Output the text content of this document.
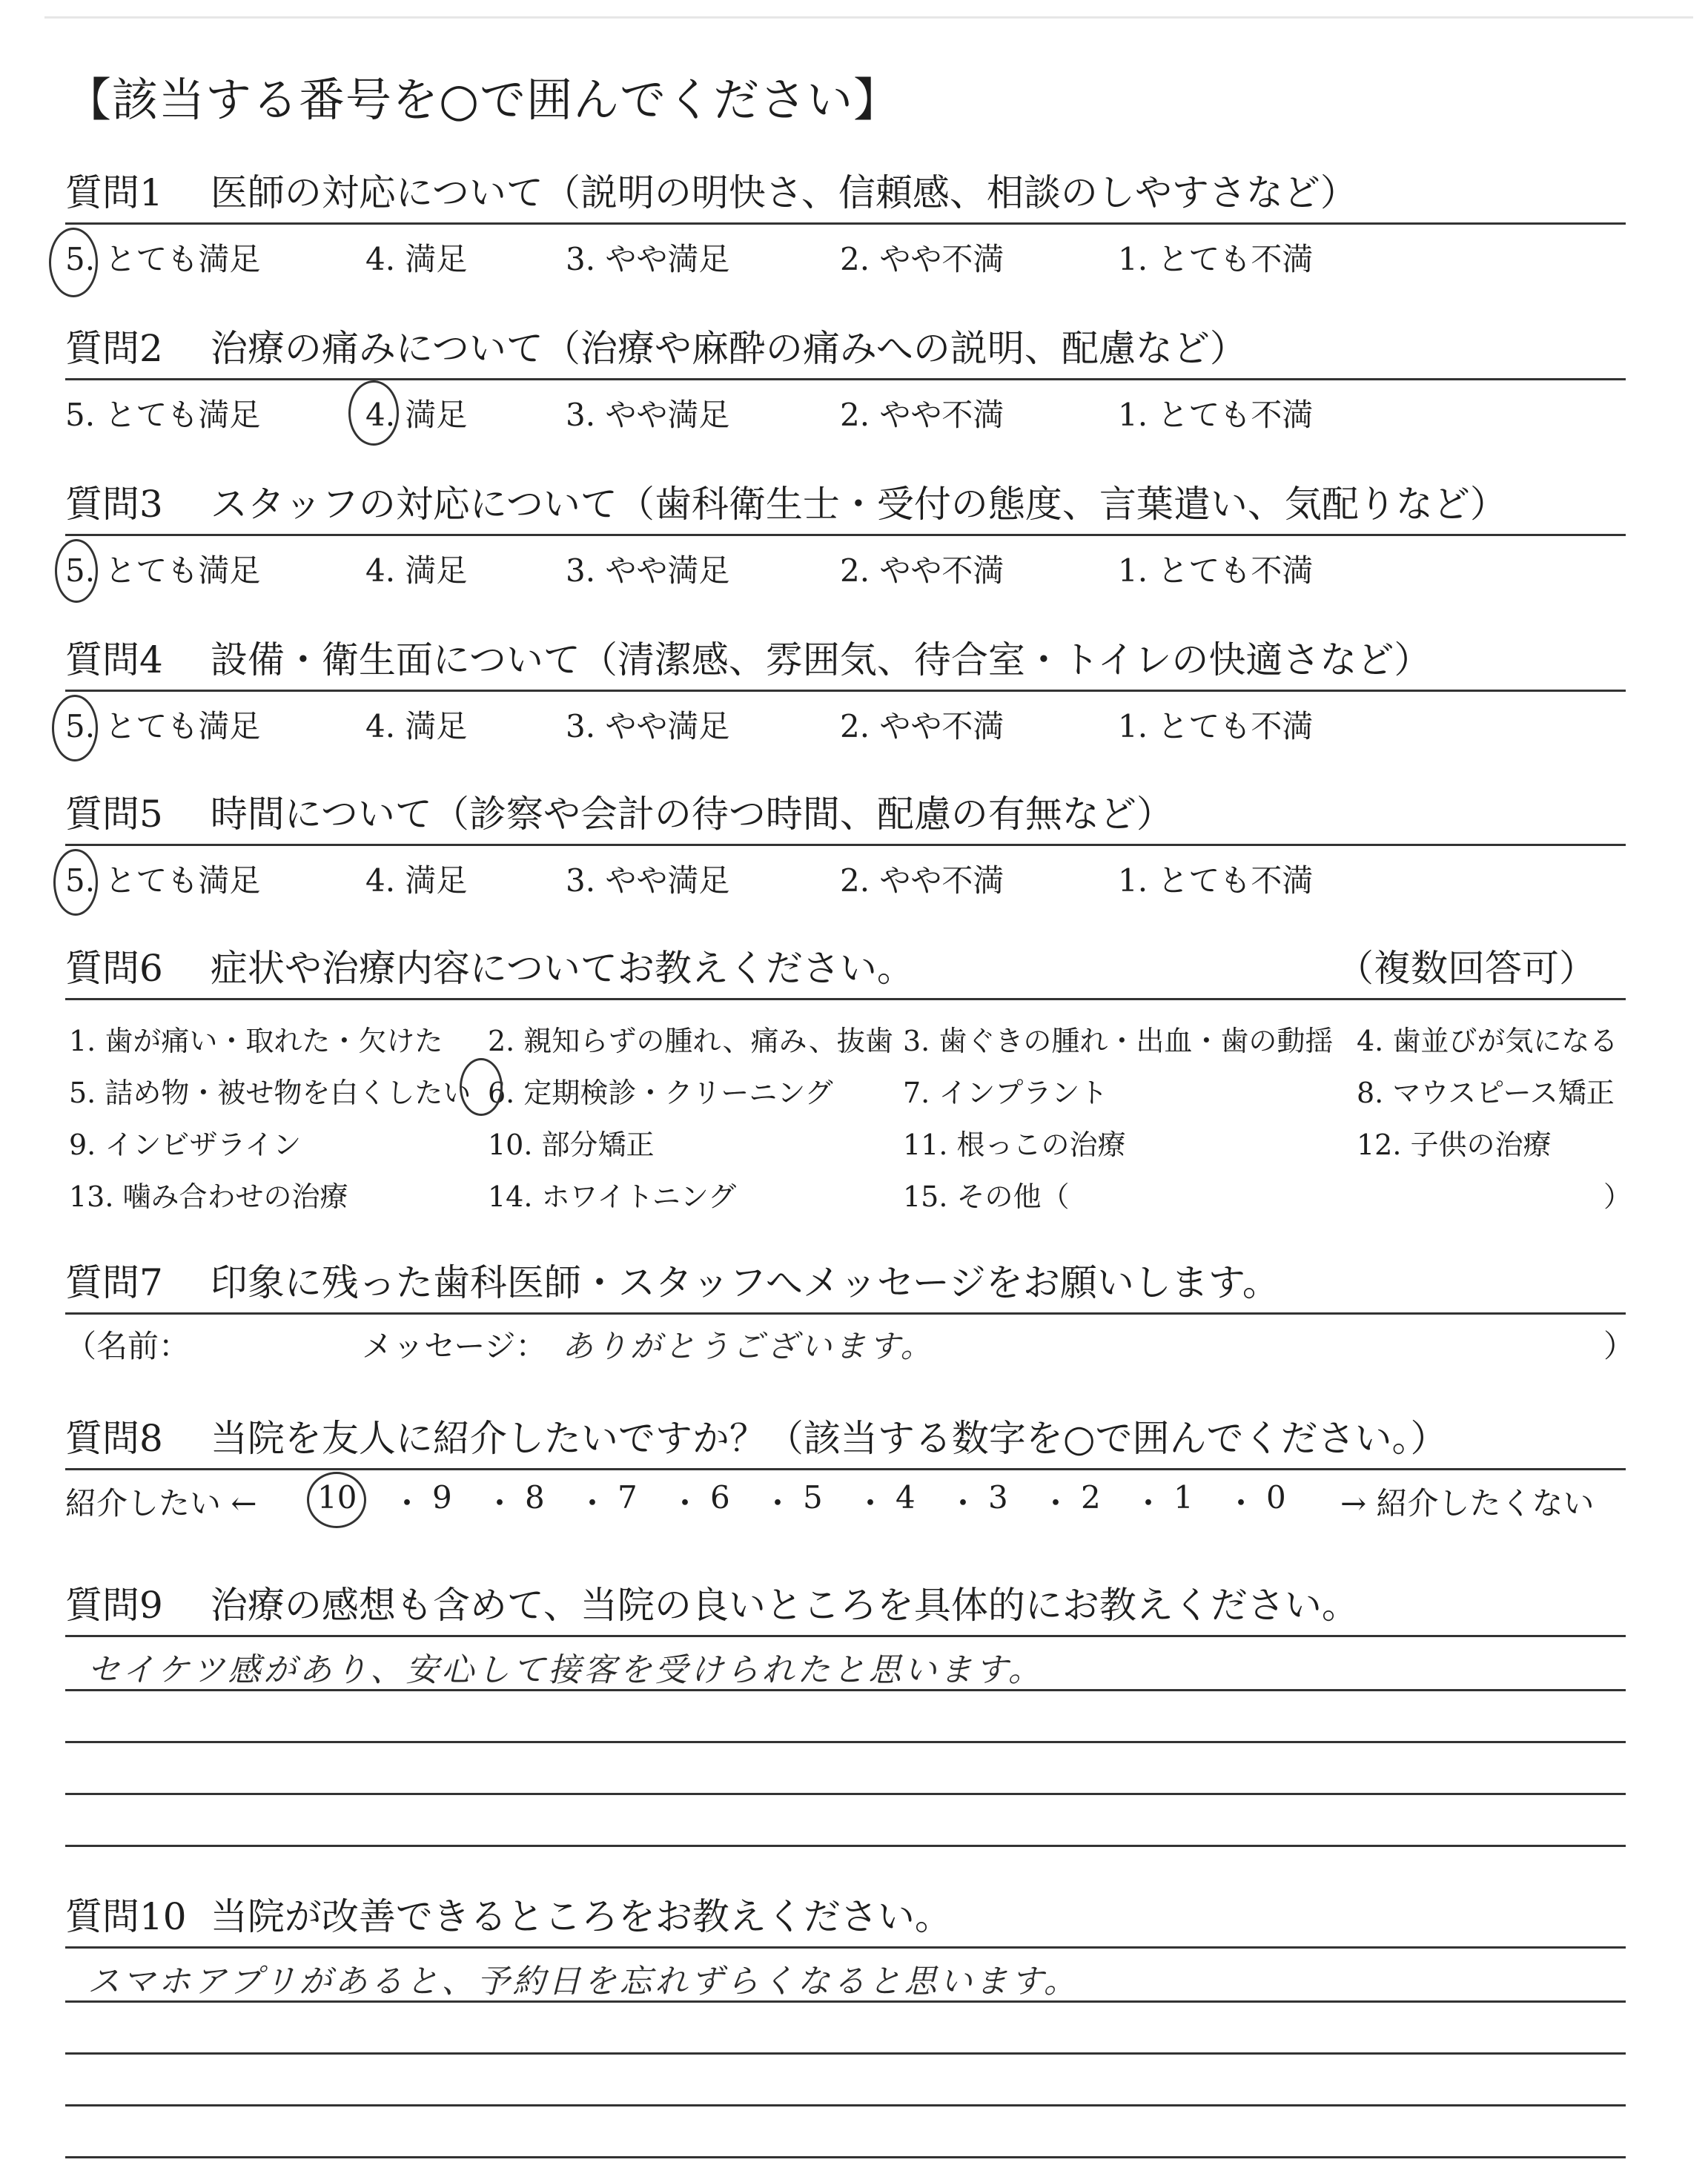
【該当する番号を○で囲んでください】
質問1 医師の対応について（説明の明快さ、信頼感、相談のしやすさなど）
5. とても満足	4. 満足	3. やや満足	2. やや不満	1. とても不満
質問2 治療の痛みについて（治療や麻酔の痛みへの説明、配慮など）
5. とても満足	4. 満足	3. やや満足	2. やや不満	1. とても不満
質問3 スタッフの対応について（歯科衛生士・受付の態度、言葉遣い、気配りなど）
5. とても満足	4. 満足	3. やや満足	2. やや不満	1. とても不満
質問4 設備・衛生面について（清潔感、雰囲気、待合室・トイレの快適さなど）
5. とても満足	4. 満足	3. やや満足	2. やや不満	1. とても不満
質問5 時間について（診察や会計の待つ時間、配慮の有無など）
5. とても満足	4. 満足	3. やや満足	2. やや不満	1. とても不満
質問6 症状や治療内容についてお教えください。	（複数回答可）
1. 歯が痛い・取れた・欠けた 2. 親知らずの腫れ、痛み、抜歯 3. 歯ぐきの腫れ・出血・歯の動揺 4. 歯並びが気になる
5. 詰め物・被せ物を白くしたい 6. 定期検診・クリーニング 7. インプラント	8. マウスピース矯正
9. インビザライン	10. 部分矯正	11. 根っこの治療	12. 子供の治療
13. 噛み合わせの治療	14. ホワイトニング	15. その他（	）
質問7 印象に残った歯科医師・スタッフへメッセージをお願いします。
（名前：	メッセージ： ありがとうございます。	）
質問8 当院を友人に紹介したいですか？（該当する数字を○で囲んでください。）
紹介したい ← 10 ・ 9 ・ 8 ・ 7 ・ 6 ・ 5 ・ 4 ・ 3 ・ 2 ・ 1 ・ 0 → 紹介したくない
質問9 治療の感想も含めて、当院の良いところを具体的にお教えください。
セイケツ感があり、安心して接客を受けられたと思います。
質問10 当院が改善できるところをお教えください。
スマホアプリがあると、予約日を忘れずらくなると思います。
